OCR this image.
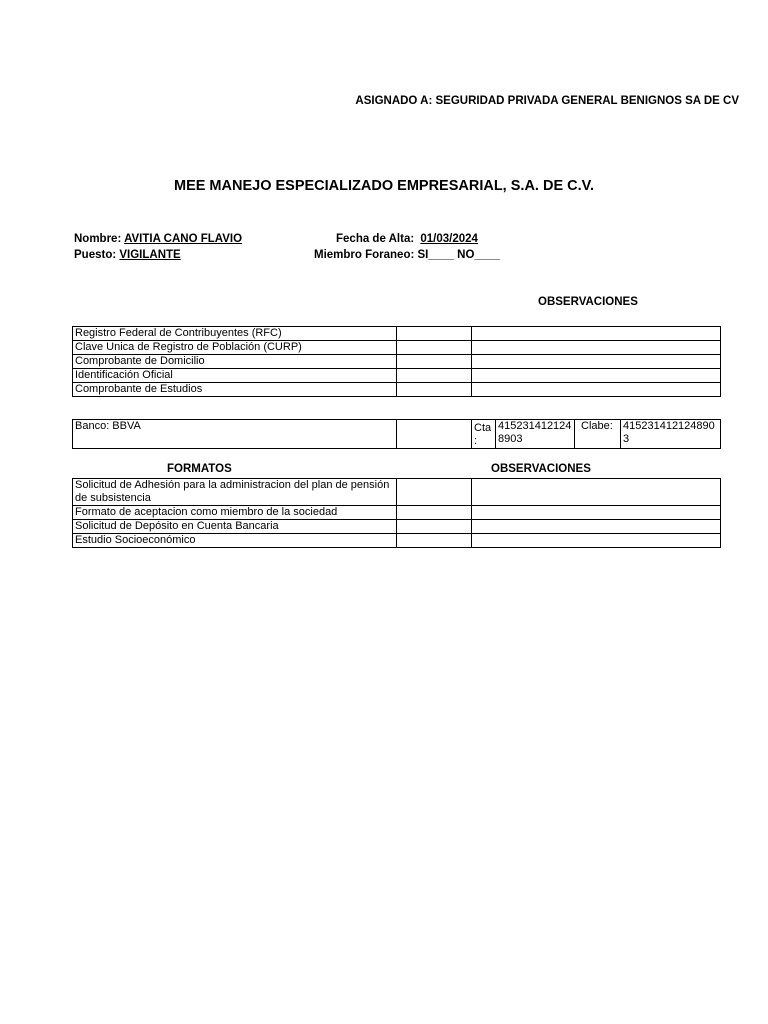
ASIGNADO A: SEGURIDAD PRIVADA GENERAL BENIGNOS SA DE CV
MEE MANEJO ESPECIALIZADO EMPRESARIAL, S.A. DE C.V.
Nombre: AVITIA CANO FLAVIO
Puesto: VIGILANTE
Fecha de Alta: 01/03/2024
Miembro Foraneo: SI____ NO____
OBSERVACIONES
Registro Federal de Contribuyentes (RFC)		
Clave Unica de Registro de Población (CURP)		
Comprobante de Domicilio		
Identificación Oficial		
Comprobante de Estudios		
Banco: BBVA		Cta :	4152314121248903	Clabe:	415231412124890 3
FORMATOS	OBSERVACIONES
Solicitud de Adhesión para la administracion del plan de pensión de subsistencia		
Formato de aceptacion como miembro de la sociedad		
Solicitud de Depósito en Cuenta Bancaria		
Estudio Socioeconómico		
